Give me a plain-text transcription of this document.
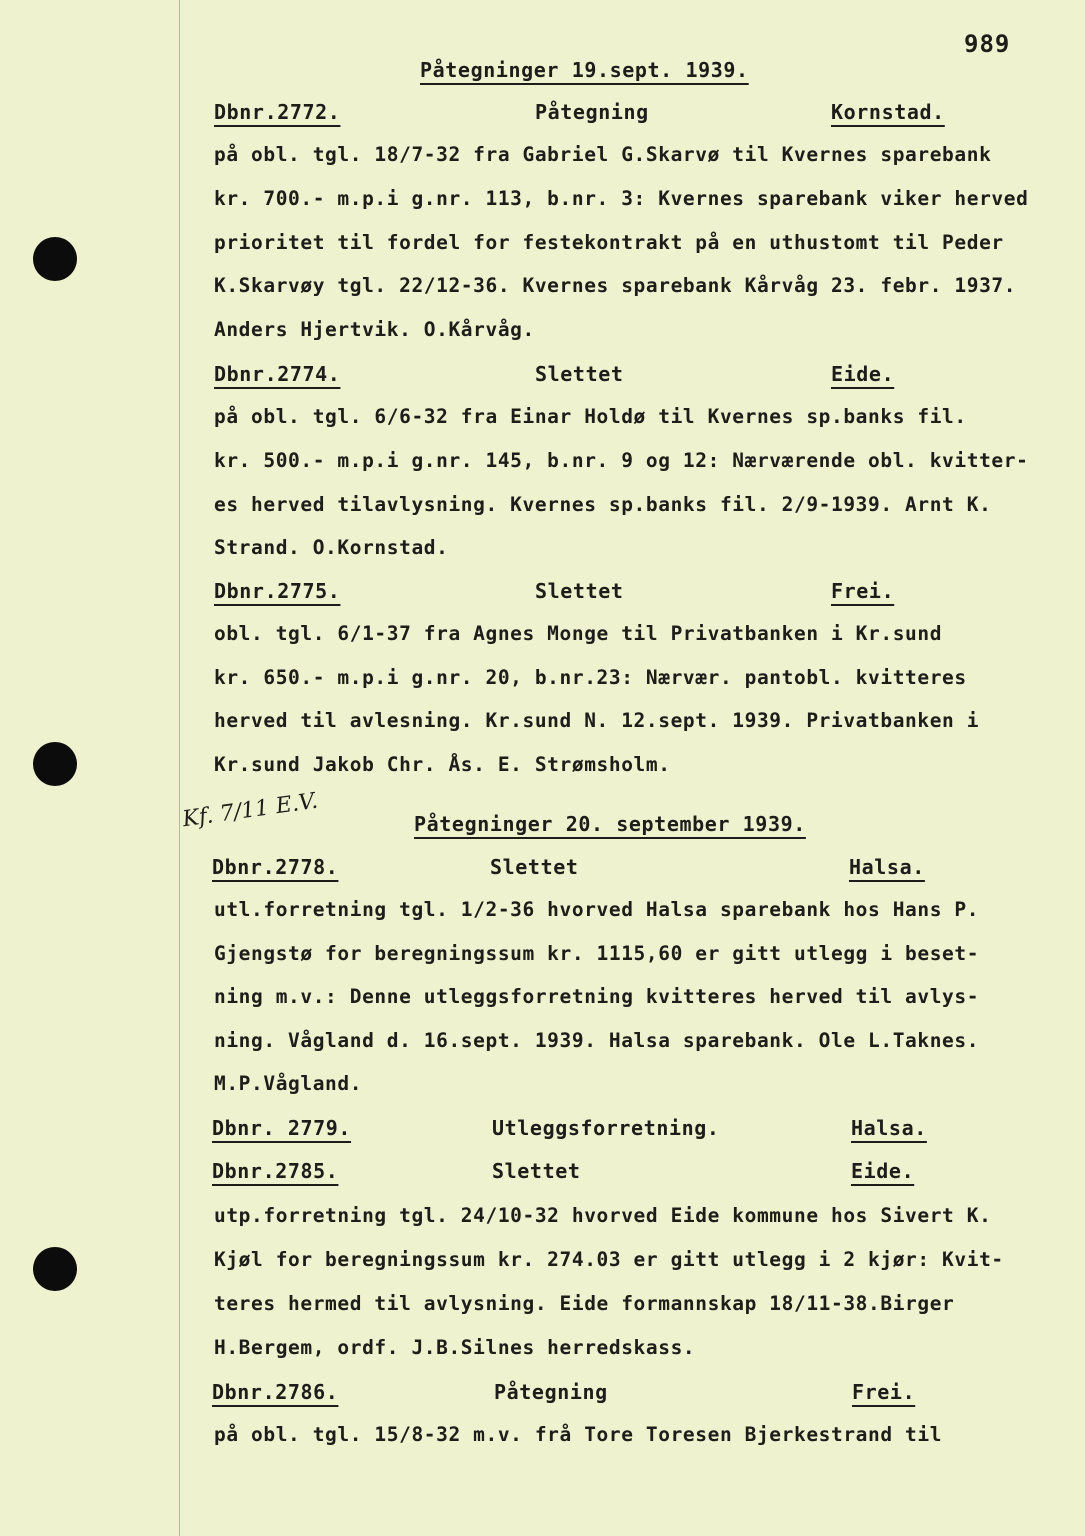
989
Kf. 7/11 E.V.
Påtegninger 19.sept. 1939.
Dbnr.2772.	Påtegning	Kornstad.
på obl. tgl. 18/7-32 fra Gabriel G.Skarvø til Kvernes sparebank
kr. 700.- m.p.i g.nr. 113, b.nr. 3: Kvernes sparebank viker herved
prioritet til fordel for festekontrakt på en uthustomt til Peder
K.Skarvøy tgl. 22/12-36. Kvernes sparebank Kårvåg 23. febr. 1937.
Anders Hjertvik. O.Kårvåg.
Dbnr.2774.	Slettet	Eide.
på obl. tgl. 6/6-32 fra Einar Holdø til Kvernes sp.banks fil.
kr. 500.- m.p.i g.nr. 145, b.nr. 9 og 12: Nærværende obl. kvitter-
es herved tilavlysning. Kvernes sp.banks fil. 2/9-1939. Arnt K.
Strand. O.Kornstad.
Dbnr.2775.	Slettet	Frei.
obl. tgl. 6/1-37 fra Agnes Monge til Privatbanken i Kr.sund
kr. 650.- m.p.i g.nr. 20, b.nr.23: Nærvær. pantobl. kvitteres
herved til avlesning. Kr.sund N. 12.sept. 1939. Privatbanken i
Kr.sund Jakob Chr. Ås. E. Strømsholm.
Påtegninger 20. september 1939.
Dbnr.2778.	Slettet	Halsa.
utl.forretning tgl. 1/2-36 hvorved Halsa sparebank hos Hans P.
Gjengstø for beregningssum kr. 1115,60 er gitt utlegg i beset-
ning m.v.: Denne utleggsforretning kvitteres herved til avlys-
ning. Vågland d. 16.sept. 1939. Halsa sparebank. Ole L.Taknes.
M.P.Vågland.
Dbnr. 2779.	Utleggsforretning.	Halsa.
Dbnr.2785.	Slettet	Eide.
utp.forretning tgl. 24/10-32 hvorved Eide kommune hos Sivert K.
Kjøl for beregningssum kr. 274.03 er gitt utlegg i 2 kjør: Kvit-
teres hermed til avlysning. Eide formannskap 18/11-38.Birger
H.Bergem, ordf. J.B.Silnes herredskass.
Dbnr.2786.	Påtegning	Frei.
på obl. tgl. 15/8-32 m.v. frå Tore Toresen Bjerkestrand til
